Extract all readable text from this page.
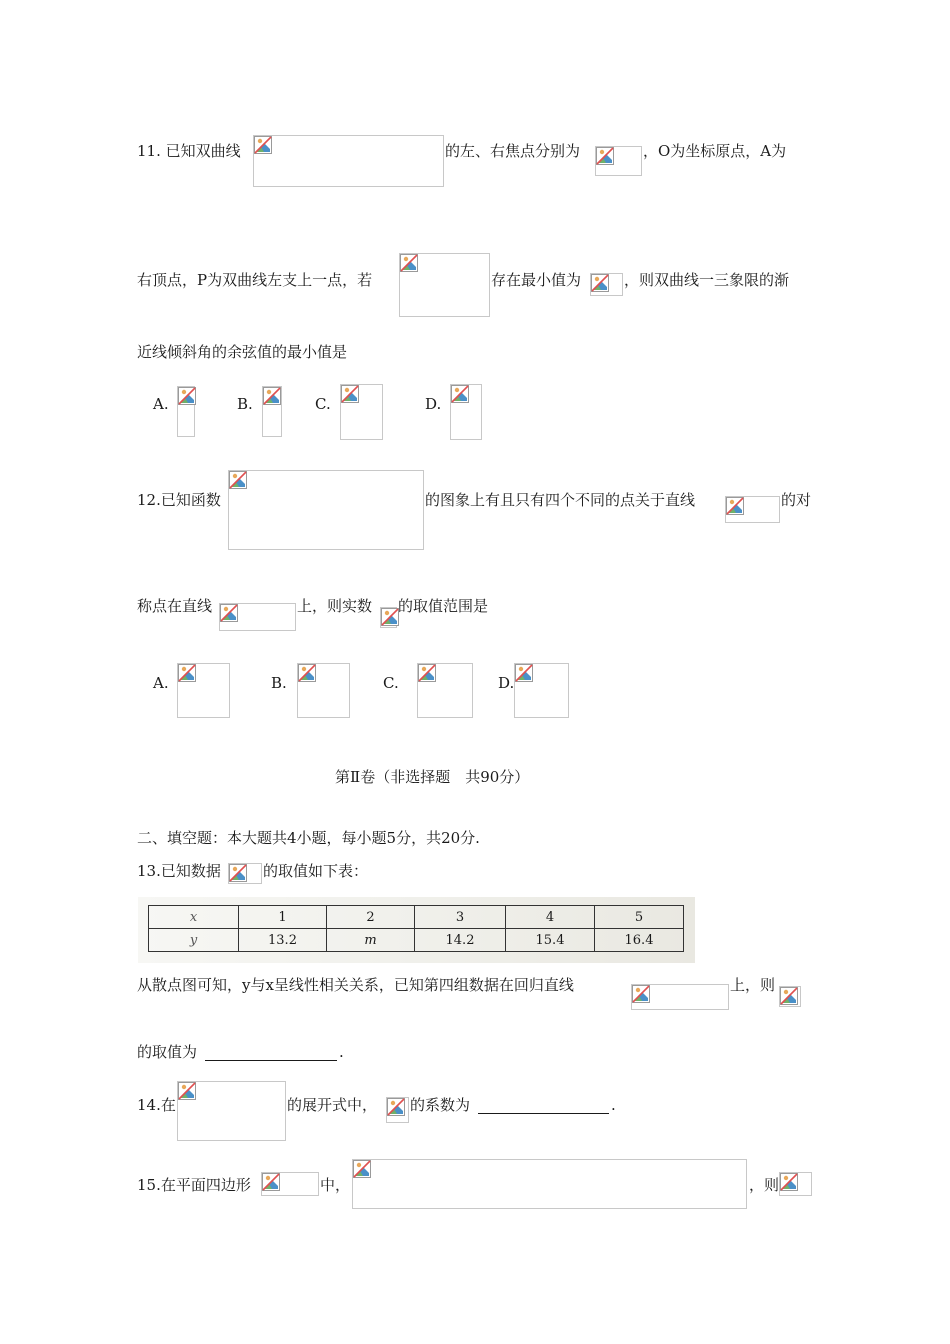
11. 已知双曲线	的左、右焦点分别为	，O为坐标原点，A为
右顶点，P为双曲线左支上一点，若	存在最小值为	，则双曲线一三象限的渐
近线倾斜角的余弦值的最小值是
A.	B.	C.	D.
12.已知函数	的图象上有且只有四个不同的点关于直线	的对
称点在直线	上，则实数 的取值范围是
A.	B.	C.	D.
第Ⅱ卷（非选择题　共90分）
二、填空题：本大题共4小题，每小题5分，共20分.
13.已知数据	的取值如下表：
x	1	2	3	4	5
y	13.2	m	14.2	15.4	16.4
从散点图可知，y与x呈线性相关关系，已知第四组数据在回归直线	上，则
的取值为	.
14.在	的展开式中， 的系数为	.
15.在平面四边形	中，	，则
